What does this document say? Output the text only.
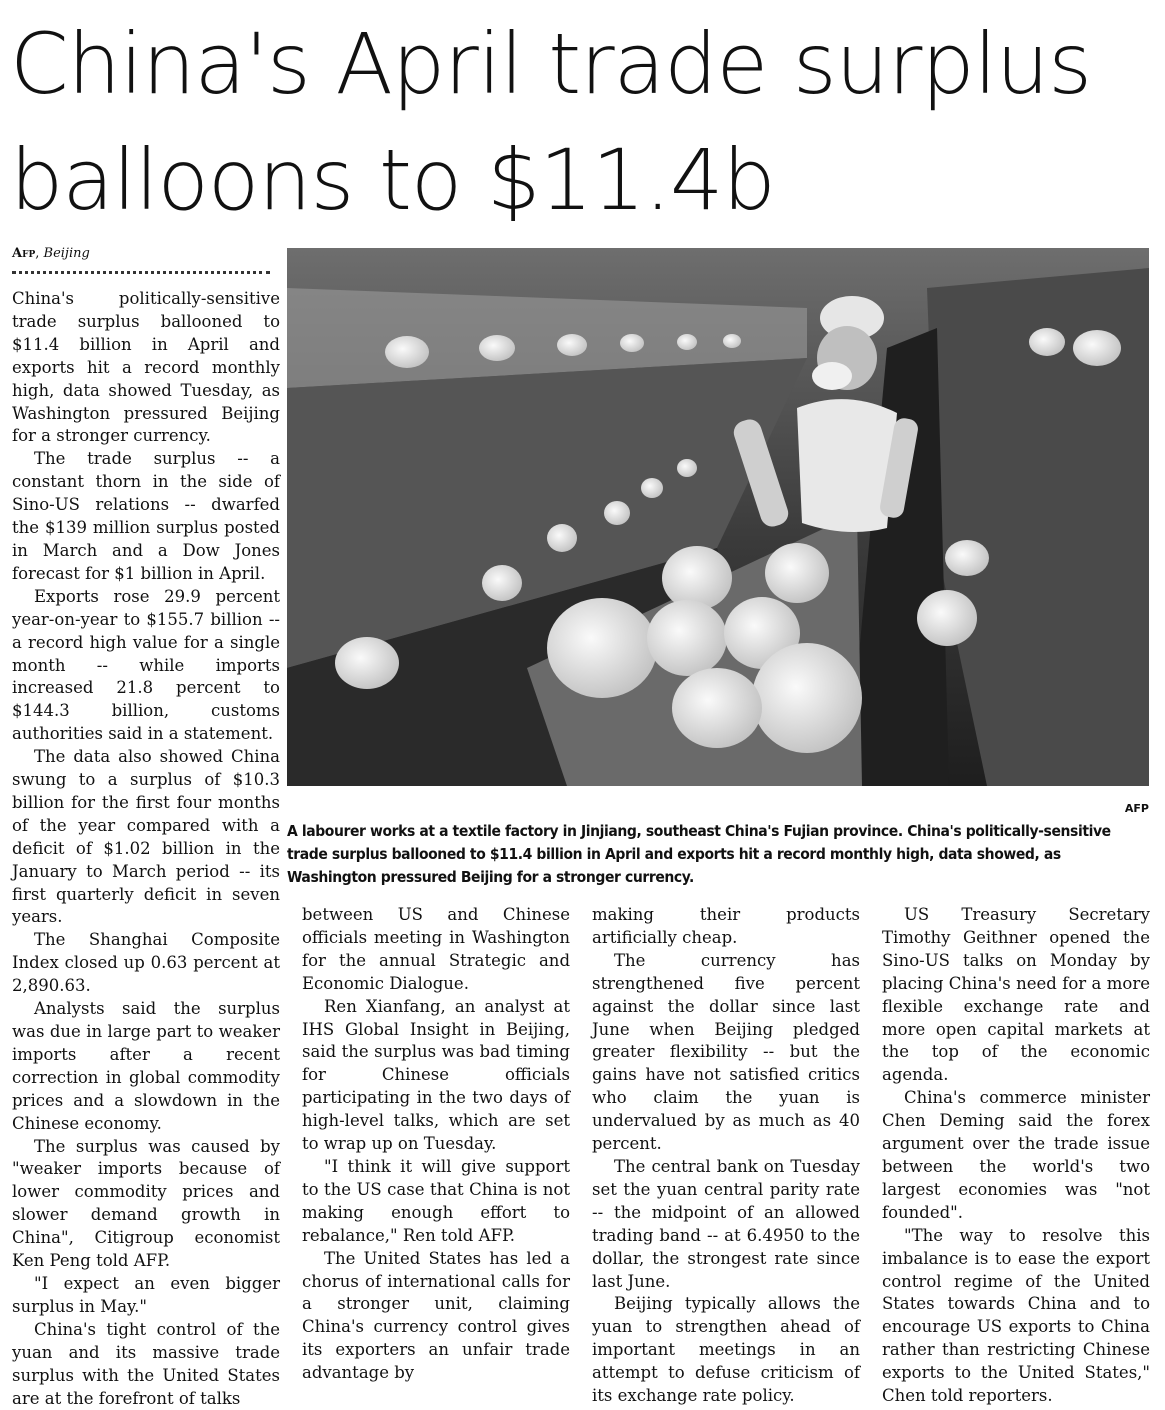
China's April trade surplus balloons to $11.4b
Afp, Beijing

China's politically-sensitive trade surplus ballooned to $11.4 billion in April and exports hit a record monthly high, data showed Tuesday, as Washington pressured Beijing for a stronger currency.

The trade surplus -- a constant thorn in the side of Sino-US relations -- dwarfed the $139 million surplus posted in March and a Dow Jones forecast for $1 billion in April.

Exports rose 29.9 percent year-on-year to $155.7 billion -- a record high value for a single month -- while imports increased 21.8 percent to $144.3 billion, customs authorities said in a statement.

The data also showed China swung to a surplus of $10.3 billion for the first four months of the year compared with a deficit of $1.02 billion in the January to March period -- its first quarterly deficit in seven years.

The Shanghai Composite Index closed up 0.63 percent at 2,890.63.

Analysts said the surplus was due in large part to weaker imports after a recent correction in global commodity prices and a slowdown in the Chinese economy.

The surplus was caused by "weaker imports because of lower commodity prices and slower demand growth in China", Citigroup economist Ken Peng told AFP.

"I expect an even bigger surplus in May."

China's tight control of the yuan and its massive trade surplus with the United States are at the forefront of talks

AFP

A labourer works at a textile factory in Jinjiang, southeast China's Fujian province. China's politically-sensitive trade surplus ballooned to $11.4 billion in April and exports hit a record monthly high, data showed, as Washington pressured Beijing for a stronger currency.

between US and Chinese officials meeting in Washington for the annual Strategic and Economic Dialogue.

Ren Xianfang, an analyst at IHS Global Insight in Beijing, said the surplus was bad timing for Chinese officials participating in the two days of high-level talks, which are set to wrap up on Tuesday.

"I think it will give support to the US case that China is not making enough effort to rebalance," Ren told AFP.

The United States has led a chorus of international calls for a stronger unit, claiming China's currency control gives its exporters an unfair trade advantage by

making their products artificially cheap.

The currency has strengthened five percent against the dollar since last June when Beijing pledged greater flexibility -- but the gains have not satisfied critics who claim the yuan is undervalued by as much as 40 percent.

The central bank on Tuesday set the yuan central parity rate -- the midpoint of an allowed trading band -- at 6.4950 to the dollar, the strongest rate since last June.

Beijing typically allows the yuan to strengthen ahead of important meetings in an attempt to defuse criticism of its exchange rate policy.

US Treasury Secretary Timothy Geithner opened the Sino-US talks on Monday by placing China's need for a more flexible exchange rate and more open capital markets at the top of the economic agenda.

China's commerce minister Chen Deming said the forex argument over the trade issue between the world's two largest economies was "not founded".

"The way to resolve this imbalance is to ease the export control regime of the United States towards China and to encourage US exports to China rather than restricting Chinese exports to the United States," Chen told reporters.
